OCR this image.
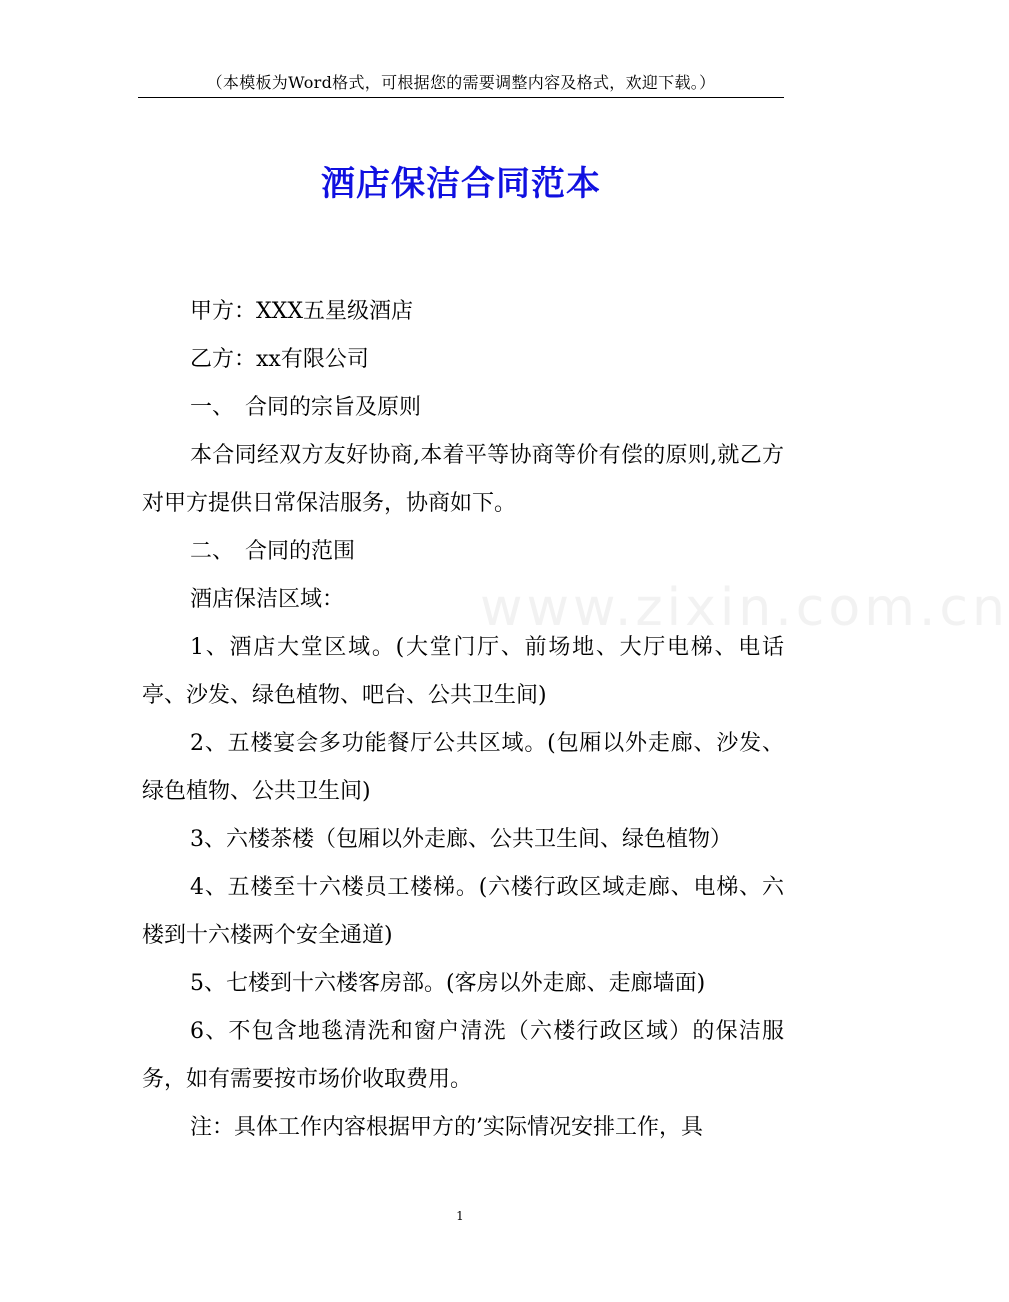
（本模板为Word格式，可根据您的需要调整内容及格式，欢迎下载。）
酒店保洁合同范本
www.zixin.com.cn

甲方：XXX五星级酒店

乙方：xx有限公司

一、　合同的宗旨及原则

本合同经双方友好协商,本着平等协商等价有偿的原则,就乙方对甲方提供日常保洁服务，协商如下。

二、　合同的范围

酒店保洁区域：

1、酒店大堂区域。(大堂门厅、前场地、大厅电梯、电话亭、沙发、绿色植物、吧台、公共卫生间)

2、五楼宴会多功能餐厅公共区域。(包厢以外走廊、沙发、绿色植物、公共卫生间)

3、六楼茶楼（包厢以外走廊、公共卫生间、绿色植物）

4、五楼至十六楼员工楼梯。(六楼行政区域走廊、电梯、六楼到十六楼两个安全通道)

5、七楼到十六楼客房部。(客房以外走廊、走廊墙面)

6、不包含地毯清洗和窗户清洗（六楼行政区域）的保洁服务，如有需要按市场价收取费用。

注：具体工作内容根据甲方的’实际情况安排工作，具

1
